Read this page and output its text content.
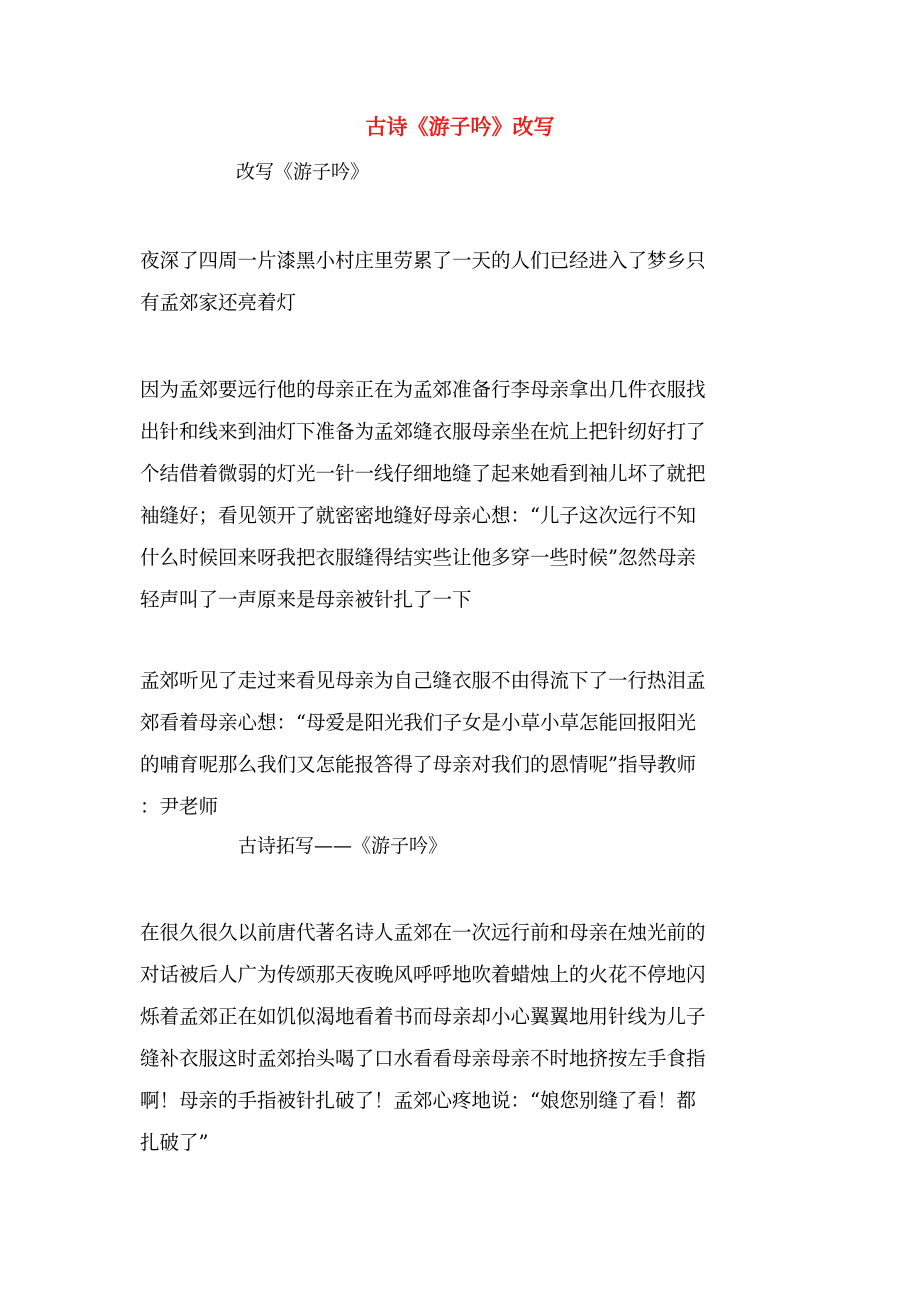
古诗《游子吟》改写
改写《游子吟》
夜深了四周一片漆黑小村庄里劳累了一天的人们已经进入了梦乡只
有孟郊家还亮着灯
因为孟郊要远行他的母亲正在为孟郊准备行李母亲拿出几件衣服找
出针和线来到油灯下准备为孟郊缝衣服母亲坐在炕上把针纫好打了
个结借着微弱的灯光一针一线仔细地缝了起来她看到袖儿坏了就把
袖缝好；看见领开了就密密地缝好母亲心想：“儿子这次远行不知
什么时候回来呀我把衣服缝得结实些让他多穿一些时候”忽然母亲
轻声叫了一声原来是母亲被针扎了一下
孟郊听见了走过来看见母亲为自己缝衣服不由得流下了一行热泪孟
郊看着母亲心想：“母爱是阳光我们子女是小草小草怎能回报阳光
的哺育呢那么我们又怎能报答得了母亲对我们的恩情呢”指导教师
：尹老师
古诗拓写——《游子吟》
在很久很久以前唐代著名诗人孟郊在一次远行前和母亲在烛光前的
对话被后人广为传颂那天夜晚风呼呼地吹着蜡烛上的火花不停地闪
烁着孟郊正在如饥似渴地看着书而母亲却小心翼翼地用针线为儿子
缝补衣服这时孟郊抬头喝了口水看看母亲母亲不时地挤按左手食指
啊！母亲的手指被针扎破了！孟郊心疼地说：“娘您别缝了看！都
扎破了”
